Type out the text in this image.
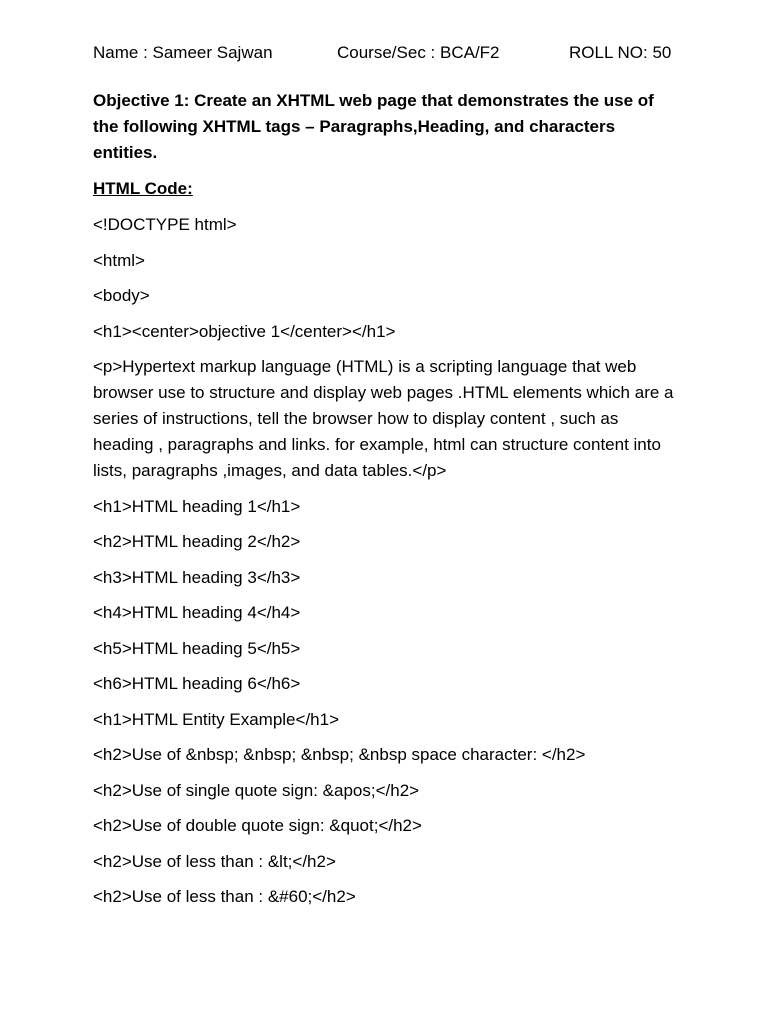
Name : Sameer Sajwan	Course/Sec : BCA/F2	ROLL NO: 50
Objective 1: Create an XHTML web page that demonstrates the use of the following XHTML tags – Paragraphs,Heading, and characters entities.
HTML Code:

<!DOCTYPE html>

<html>

<body>

<h1><center>objective 1</center></h1>

<p>Hypertext markup language (HTML) is a scripting language that web browser use to structure and display web pages .HTML elements which are a series of instructions, tell the browser how to display content , such as heading , paragraphs and links. for example, html can structure content into lists, paragraphs ,images, and data tables.</p>

<h1>HTML heading 1</h1>

<h2>HTML heading 2</h2>

<h3>HTML heading 3</h3>

<h4>HTML heading 4</h4>

<h5>HTML heading 5</h5>

<h6>HTML heading 6</h6>

<h1>HTML Entity Example</h1>

<h2>Use of &nbsp; &nbsp; &nbsp; &nbsp space character: </h2>

<h2>Use of single quote sign: &apos;</h2>

<h2>Use of double quote sign: &quot;</h2>

<h2>Use of less than : &lt;</h2>

<h2>Use of less than : &#60;</h2>
